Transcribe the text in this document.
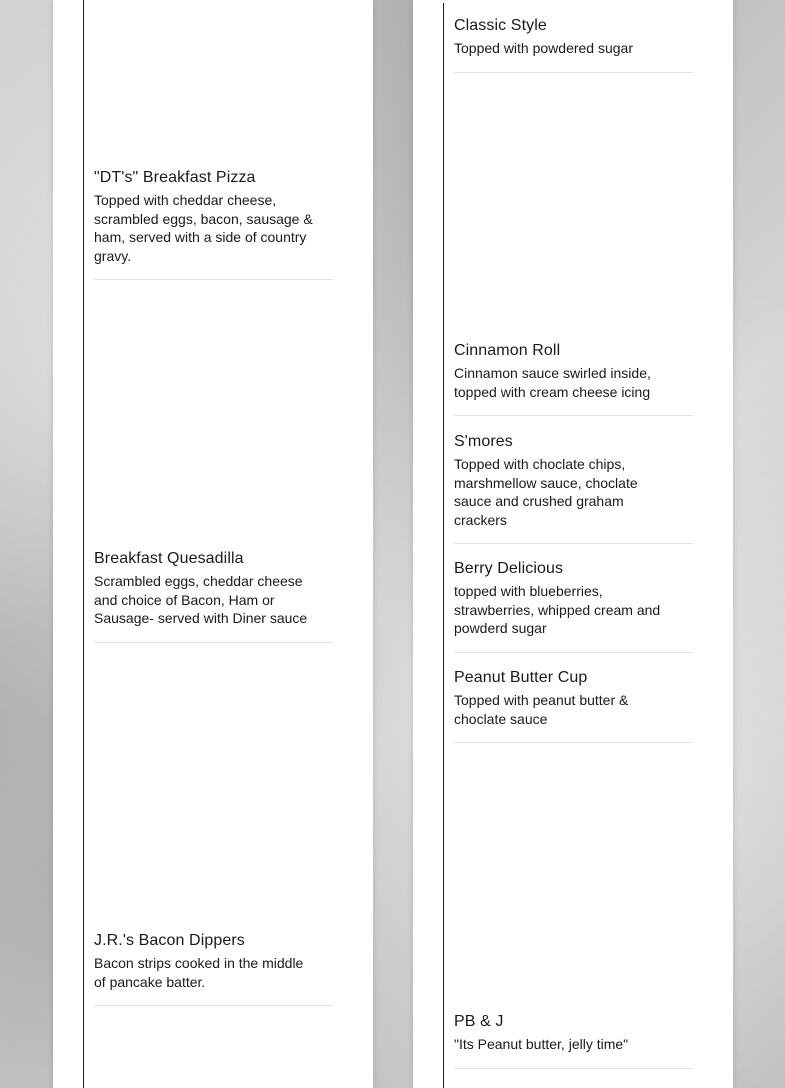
"DT's" Breakfast Pizza

Topped with cheddar cheese, scrambled eggs, bacon, sausage & ham, served with a side of country gravy.

Breakfast Quesadilla

Scrambled eggs, cheddar cheese and choice of Bacon, Ham or Sausage- served with Diner sauce

J.R.'s Bacon Dippers

Bacon strips cooked in the middle of pancake batter.

Classic Style

Topped with powdered sugar

Cinnamon Roll

Cinnamon sauce swirled inside, topped with cream cheese icing

S'mores

Topped with choclate chips, marshmellow sauce, choclate sauce and crushed graham crackers

Berry Delicious

topped with blueberries, strawberries, whipped cream and powderd sugar

Peanut Butter Cup

Topped with peanut butter & choclate sauce

PB & J

"Its Peanut butter, jelly time"
